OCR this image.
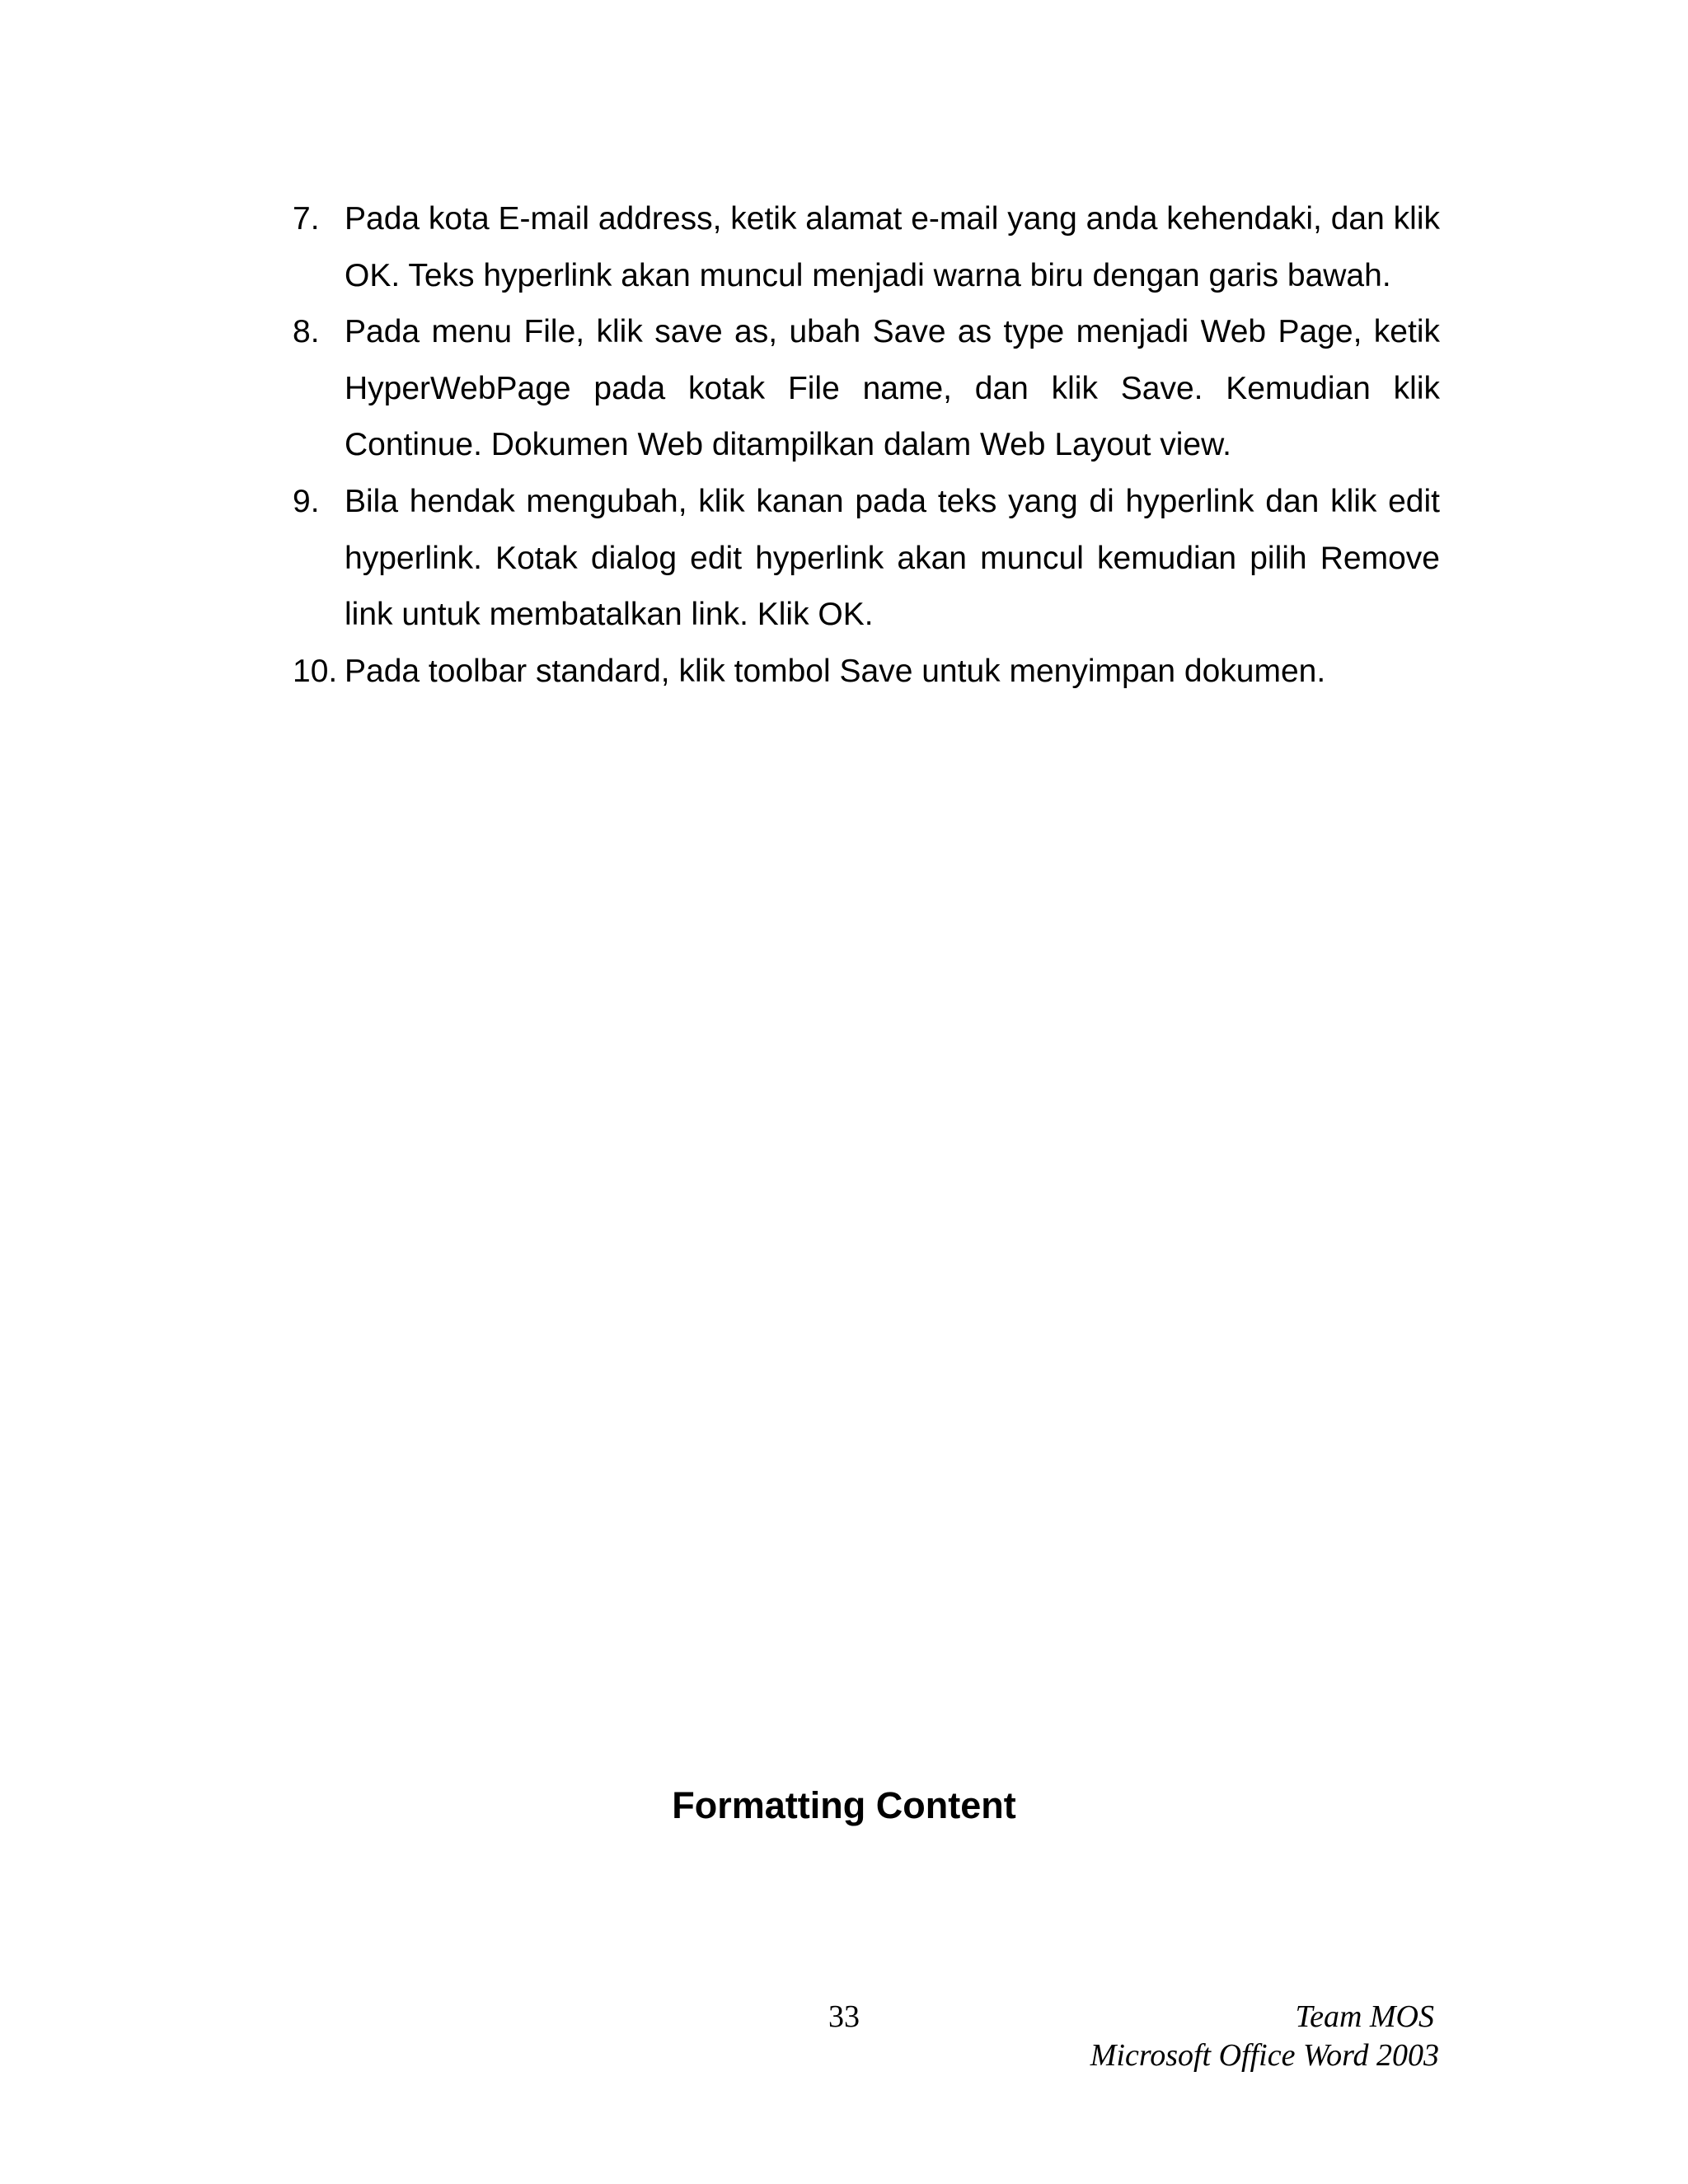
7. Pada kota E-mail address, ketik alamat e-mail yang anda kehendaki, dan klik OK. Teks hyperlink akan muncul menjadi warna biru dengan garis bawah.
8. Pada menu File, klik save as, ubah Save as type menjadi Web Page, ketik HyperWebPage pada kotak File name, dan klik Save. Kemudian klik Continue. Dokumen Web ditampilkan dalam Web Layout view.
9. Bila hendak mengubah, klik kanan pada teks yang di hyperlink dan klik edit hyperlink. Kotak dialog edit hyperlink akan muncul kemudian pilih Remove link untuk membatalkan link. Klik OK.
10. Pada toolbar standard, klik tombol Save untuk menyimpan dokumen.
Formatting Content
33	Team MOS
Microsoft Office Word 2003
